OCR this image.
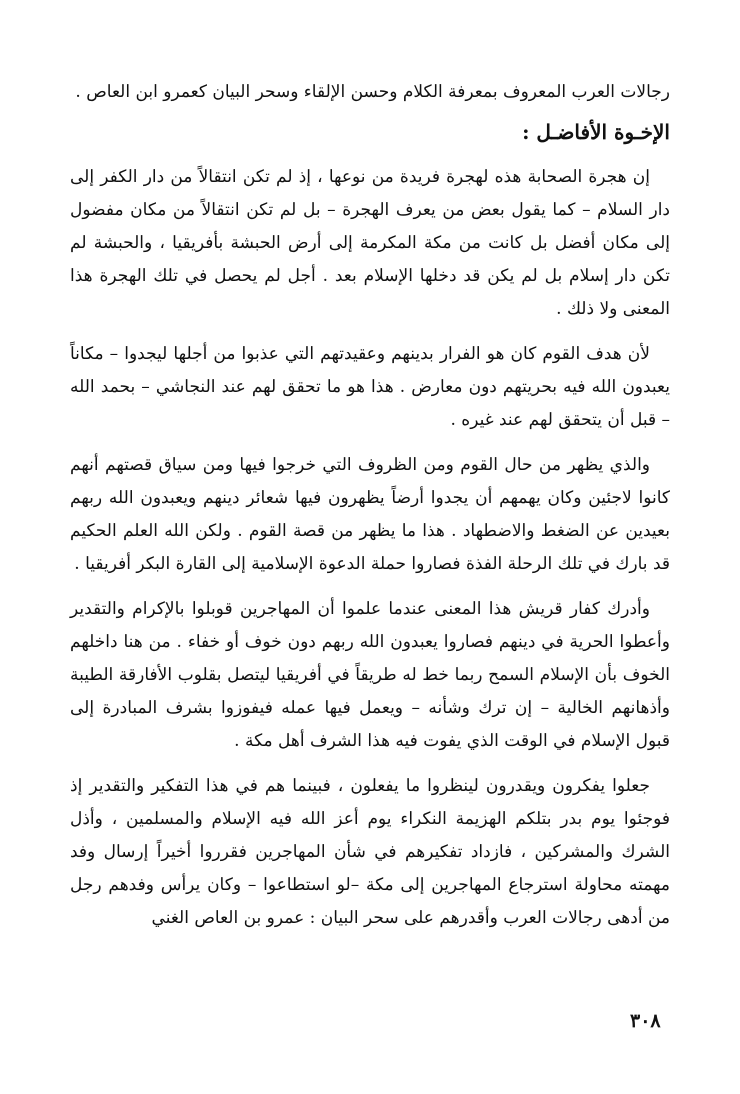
رجالات العرب المعروف بمعرفة الكلام وحسن الإلقاء وسحر البيان كعمرو ابن العاص .

الإخـوة الأفاضـل :

إن هجرة الصحابة هذه لهجرة فريدة من نوعها ، إذ لم تكن انتقالاً من دار الكفر إلى دار السلام – كما يقول بعض من يعرف الهجرة – بل لم تكن انتقالاً من مكان مفضول إلى مكان أفضل بل كانت من مكة المكرمة إلى أرض الحبشة بأفريقيا ، والحبشة لم تكن دار إسلام بل لم يكن قد دخلها الإسلام بعد . أجل لم يحصل في تلك الهجرة هذا المعنى ولا ذلك .

لأن هدف القوم كان هو الفرار بدينهم وعقيدتهم التي عذبوا من أجلها ليجدوا – مكاناً يعبدون الله فيه بحريتهم دون معارض . هذا هو ما تحقق لهم عند النجاشي – بحمد الله – قبل أن يتحقق لهم عند غيره .

والذي يظهر من حال القوم ومن الظروف التي خرجوا فيها ومن سياق قصتهم أنهم كانوا لاجئين وكان يهمهم أن يجدوا أرضاً يظهرون فيها شعائر دينهم ويعبدون الله ربهم بعيدين عن الضغط والاضطهاد . هذا ما يظهر من قصة القوم . ولكن الله العلم الحكيم قد بارك في تلك الرحلة الفذة فصاروا حملة الدعوة الإسلامية إلى القارة البكر أفريقيا .

وأدرك كفار قريش هذا المعنى عندما علموا أن المهاجرين قوبلوا بالإكرام والتقدير وأعطوا الحرية في دينهم فصاروا يعبدون الله ربهم دون خوف أو خفاء . من هنا داخلهم الخوف بأن الإسلام السمح ربما خط له طريقاً في أفريقيا ليتصل بقلوب الأفارقة الطيبة وأذهانهم الخالية – إن ترك وشأنه – ويعمل فيها عمله فيفوزوا بشرف المبادرة إلى قبول الإسلام في الوقت الذي يفوت فيه هذا الشرف أهل مكة .

جعلوا يفكرون ويقدرون لينظروا ما يفعلون ، فبينما هم في هذا التفكير والتقدير إذ فوجئوا يوم بدر بتلكم الهزيمة النكراء يوم أعز الله فيه الإسلام والمسلمين ، وأذل الشرك والمشركين ، فازداد تفكيرهم في شأن المهاجرين فقرروا أخيراً إرسال وفد مهمته محاولة استرجاع المهاجرين إلى مكة –لو استطاعوا – وكان يرأس وفدهم رجل من أدهى رجالات العرب وأقدرهم على سحر البيان : عمرو بن العاص الغني

٣٠٨
